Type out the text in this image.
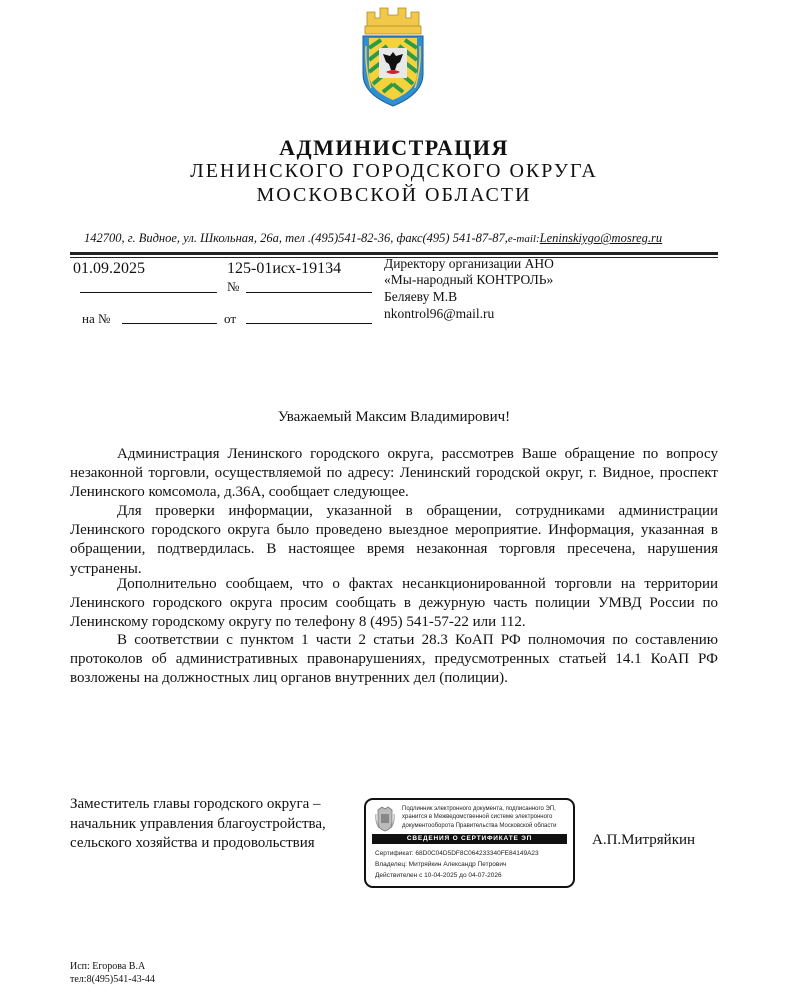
АДМИНИСТРАЦИЯ
ЛЕНИНСКОГО ГОРОДСКОГО ОКРУГА
МОСКОВСКОЙ ОБЛАСТИ
142700, г. Видное, ул. Школьная, 26а, тел .(495)541-82-36, факс(495) 541-87-87,e-mail:Leninskiygo@mosreg.ru
01.09.2025	125-01исх-19134
№
на №	от
Директору организации АНО
«Мы-народный КОНТРОЛЬ»
Беляеву М.В
nkontrol96@mail.ru
Уважаемый Максим Владимирович!

Администрация Ленинского городского округа, рассмотрев Ваше обращение по вопросу незаконной торговли, осуществляемой по адресу: Ленинский городской округ, г. Видное, проспект Ленинского комсомола, д.36А, сообщает следующее.

Для проверки информации, указанной в обращении, сотрудниками администрации Ленинского городского округа было проведено выездное мероприятие. Информация, указанная в обращении, подтвердилась. В настоящее время незаконная торговля пресечена, нарушения устранены.

Дополнительно сообщаем, что о фактах несанкционированной торговли на территории Ленинского городского округа просим сообщать в дежурную часть полиции УМВД России по Ленинскому городскому округу по телефону 8 (495) 541-57-22 или 112.

В соответствии с пунктом 1 части 2 статьи 28.3 КоАП РФ полномочия по составлению протоколов об административных правонарушениях, предусмотренных статьей 14.1 КоАП РФ возложены на должностных лиц органов внутренних дел (полиции).

Заместитель главы городского округа –
начальник управления благоустройства,
сельского хозяйства и продовольствия
Подлинник электронного документа, подписанного ЭП,
хранится в Межведомственной системе электронного
документооборота Правительства Московской области
СВЕДЕНИЯ О СЕРТИФИКАТЕ ЭП
Сертификат: 68D0C04D5DF8C064233340FE84149A23
Владелец: Митряйкин Александр Петрович
Действителен с 10-04-2025 до 04-07-2026
А.П.Митряйкин
Исп: Егорова В.А
тел:8(495)541-43-44
